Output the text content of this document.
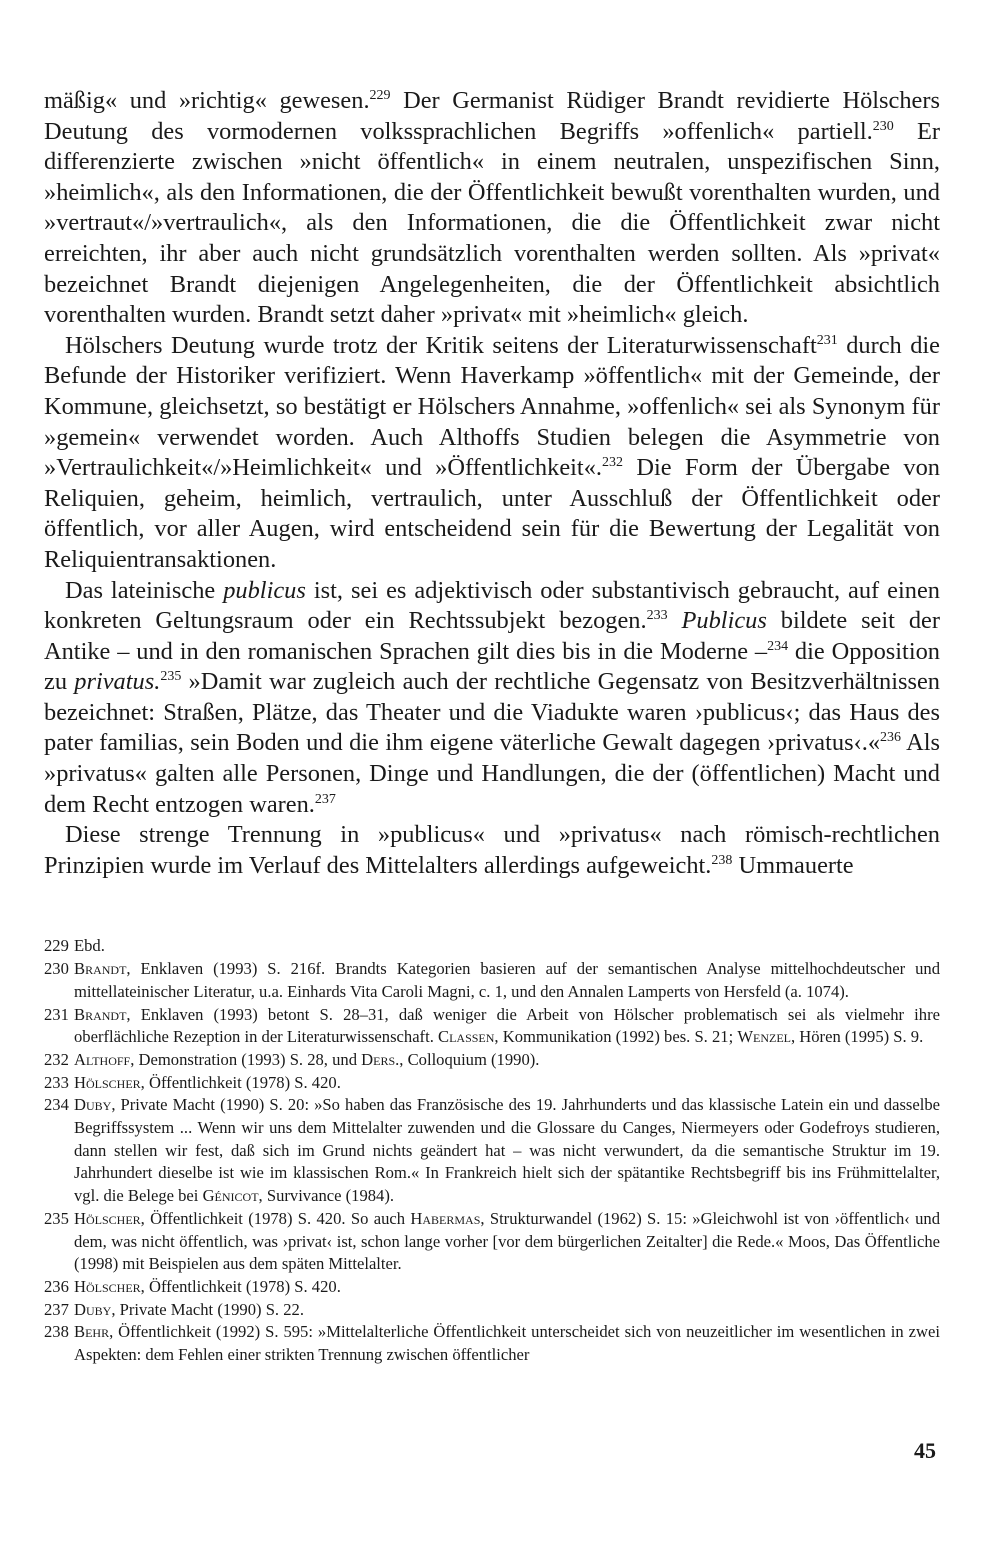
mäßig« und »richtig« gewesen.$^{229}$ Der Germanist Rüdiger Brandt revidierte Hölschers Deutung des vormodernen volkssprachlichen Begriffs »offenlich« partiell.$^{230}$ Er differenzierte zwischen »nicht öffentlich« in einem neutralen, unspezifischen Sinn, »heimlich«, als den Informationen, die der Öffentlichkeit bewußt vorenthalten wurden, und »vertraut«/»vertraulich«, als den Informationen, die die Öffentlichkeit zwar nicht erreichten, ihr aber auch nicht grundsätzlich vorenthalten werden sollten. Als »privat« bezeichnet Brandt diejenigen Angelegenheiten, die der Öffentlichkeit absichtlich vorenthalten wurden. Brandt setzt daher »privat« mit »heimlich« gleich.

Hölschers Deutung wurde trotz der Kritik seitens der Literaturwissenschaft$^{231}$ durch die Befunde der Historiker verifiziert. Wenn Haverkamp »öffentlich« mit der Gemeinde, der Kommune, gleichsetzt, so bestätigt er Hölschers Annahme, »offenlich« sei als Synonym für »gemein« verwendet worden. Auch Althoffs Studien belegen die Asymmetrie von »Vertraulichkeit«/»Heimlichkeit« und »Öffentlichkeit«.$^{232}$ Die Form der Übergabe von Reliquien, geheim, heimlich, vertraulich, unter Ausschluß der Öffentlichkeit oder öffentlich, vor aller Augen, wird entscheidend sein für die Bewertung der Legalität von Reliquientransaktionen.

Das lateinische publicus ist, sei es adjektivisch oder substantivisch gebraucht, auf einen konkreten Geltungsraum oder ein Rechtssubjekt bezogen.$^{233}$ Publicus bildete seit der Antike – und in den romanischen Sprachen gilt dies bis in die Moderne –$^{234}$ die Opposition zu privatus.$^{235}$ »Damit war zugleich auch der rechtliche Gegensatz von Besitzverhältnissen bezeichnet: Straßen, Plätze, das Theater und die Viadukte waren ›publicus‹; das Haus des pater familias, sein Boden und die ihm eigene väterliche Gewalt dagegen ›privatus‹.«$^{236}$ Als »privatus« galten alle Personen, Dinge und Handlungen, die der (öffentlichen) Macht und dem Recht entzogen waren.$^{237}$

Diese strenge Trennung in »publicus« und »privatus« nach römisch-rechtlichen Prinzipien wurde im Verlauf des Mittelalters allerdings aufgeweicht.$^{238}$ Ummauerte

229 Ebd.
230 Brandt, Enklaven (1993) S. 216f. Brandts Kategorien basieren auf der semantischen Analyse mittelhochdeutscher und mittellateinischer Literatur, u.a. Einhards Vita Caroli Magni, c. 1, und den Annalen Lamperts von Hersfeld (a. 1074).
231 Brandt, Enklaven (1993) betont S. 28–31, daß weniger die Arbeit von Hölscher problematisch sei als vielmehr ihre oberflächliche Rezeption in der Literaturwissenschaft. Classen, Kommunikation (1992) bes. S. 21; Wenzel, Hören (1995) S. 9.
232 Althoff, Demonstration (1993) S. 28, und Ders., Colloquium (1990).
233 Hölscher, Öffentlichkeit (1978) S. 420.
234 Duby, Private Macht (1990) S. 20: »So haben das Französische des 19. Jahrhunderts und das klassische Latein ein und dasselbe Begriffssystem ... Wenn wir uns dem Mittelalter zuwenden und die Glossare du Canges, Niermeyers oder Godefroys studieren, dann stellen wir fest, daß sich im Grund nichts geändert hat – was nicht verwundert, da die semantische Struktur im 19. Jahrhundert dieselbe ist wie im klassischen Rom.« In Frankreich hielt sich der spätantike Rechtsbegriff bis ins Frühmittelalter, vgl. die Belege bei Génicot, Survivance (1984).
235 Hölscher, Öffentlichkeit (1978) S. 420. So auch Habermas, Strukturwandel (1962) S. 15: »Gleichwohl ist von ›öffentlich‹ und dem, was nicht öffentlich, was ›privat‹ ist, schon lange vorher [vor dem bürgerlichen Zeitalter] die Rede.« Moos, Das Öffentliche (1998) mit Beispielen aus dem späten Mittelalter.
236 Hölscher, Öffentlichkeit (1978) S. 420.
237 Duby, Private Macht (1990) S. 22.
238 Behr, Öffentlichkeit (1992) S. 595: »Mittelalterliche Öffentlichkeit unterscheidet sich von neuzeitlicher im wesentlichen in zwei Aspekten: dem Fehlen einer strikten Trennung zwischen öffentlicher
45
